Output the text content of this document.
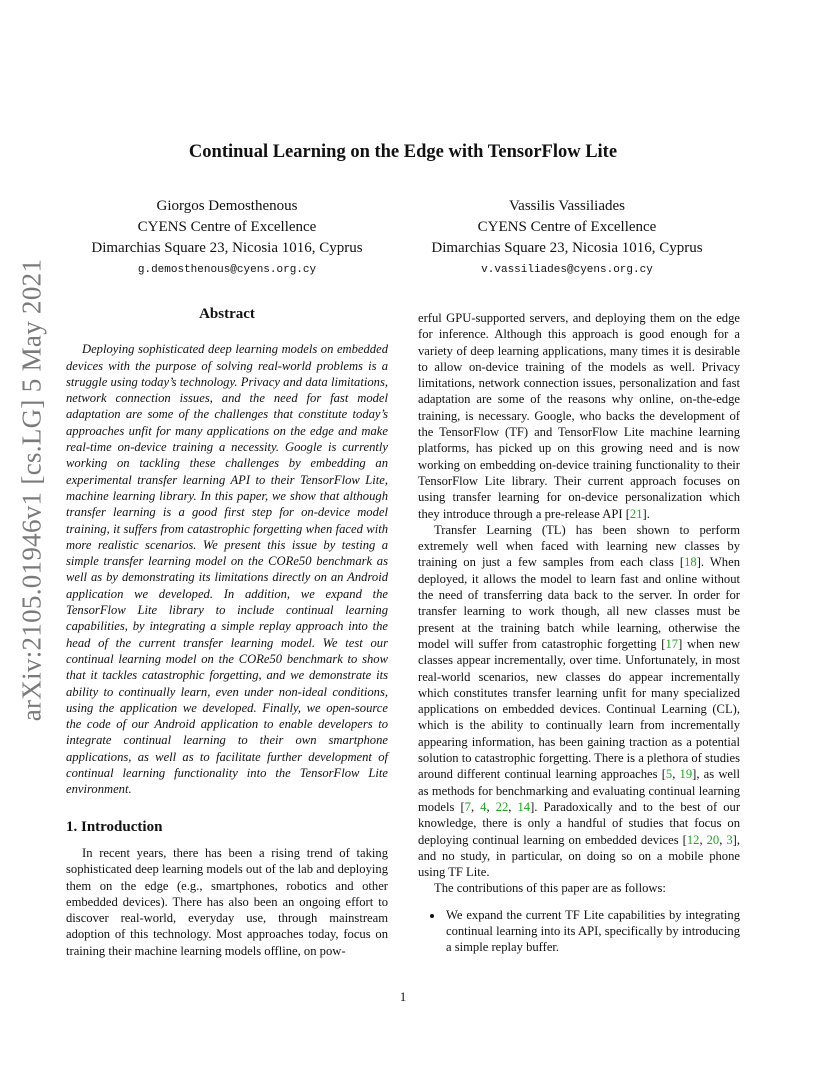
arXiv:2105.01946v1 [cs.LG] 5 May 2021
Continual Learning on the Edge with TensorFlow Lite
Giorgos Demosthenous
CYENS Centre of Excellence
Dimarchias Square 23, Nicosia 1016, Cyprus
g.demosthenous@cyens.org.cy
Vassilis Vassiliades
CYENS Centre of Excellence
Dimarchias Square 23, Nicosia 1016, Cyprus
v.vassiliades@cyens.org.cy
Abstract

Deploying sophisticated deep learning models on embedded devices with the purpose of solving real-world problems is a struggle using today’s technology. Privacy and data limitations, network connection issues, and the need for fast model adaptation are some of the challenges that constitute today’s approaches unfit for many applications on the edge and make real-time on-device training a necessity. Google is currently working on tackling these challenges by embedding an experimental transfer learning API to their TensorFlow Lite, machine learning library. In this paper, we show that although transfer learning is a good first step for on-device model training, it suffers from catastrophic forgetting when faced with more realistic scenarios. We present this issue by testing a simple transfer learning model on the CORe50 benchmark as well as by demonstrating its limitations directly on an Android application we developed. In addition, we expand the TensorFlow Lite library to include continual learning capabilities, by integrating a simple replay approach into the head of the current transfer learning model. We test our continual learning model on the CORe50 benchmark to show that it tackles catastrophic forgetting, and we demonstrate its ability to continually learn, even under non-ideal conditions, using the application we developed. Finally, we open-source the code of our Android application to enable developers to integrate continual learning to their own smartphone applications, as well as to facilitate further development of continual learning functionality into the TensorFlow Lite environment.

1. Introduction

In recent years, there has been a rising trend of taking sophisticated deep learning models out of the lab and deploying them on the edge (e.g., smartphones, robotics and other embedded devices). There has also been an ongoing effort to discover real-world, everyday use, through mainstream adoption of this technology. Most approaches today, focus on training their machine learning models offline, on pow-

erful GPU-supported servers, and deploying them on the edge for inference. Although this approach is good enough for a variety of deep learning applications, many times it is desirable to allow on-device training of the models as well. Privacy limitations, network connection issues, personalization and fast adaptation are some of the reasons why online, on-the-edge training, is necessary. Google, who backs the development of the TensorFlow (TF) and TensorFlow Lite machine learning platforms, has picked up on this growing need and is now working on embedding on-device training functionality to their TensorFlow Lite library. Their current approach focuses on using transfer learning for on-device personalization which they introduce through a pre-release API [21].

Transfer Learning (TL) has been shown to perform extremely well when faced with learning new classes by training on just a few samples from each class [18]. When deployed, it allows the model to learn fast and online without the need of transferring data back to the server. In order for transfer learning to work though, all new classes must be present at the training batch while learning, otherwise the model will suffer from catastrophic forgetting [17] when new classes appear incrementally, over time. Unfortunately, in most real-world scenarios, new classes do appear incrementally which constitutes transfer learning unfit for many specialized applications on embedded devices. Continual Learning (CL), which is the ability to continually learn from incrementally appearing information, has been gaining traction as a potential solution to catastrophic forgetting. There is a plethora of studies around different continual learning approaches [5, 19], as well as methods for benchmarking and evaluating continual learning models [7, 4, 22, 14]. Paradoxically and to the best of our knowledge, there is only a handful of studies that focus on deploying continual learning on embedded devices [12, 20, 3], and no study, in particular, on doing so on a mobile phone using TF Lite.

The contributions of this paper are as follows:

• We expand the current TF Lite capabilities by integrating continual learning into its API, specifically by introducing a simple replay buffer.
1
